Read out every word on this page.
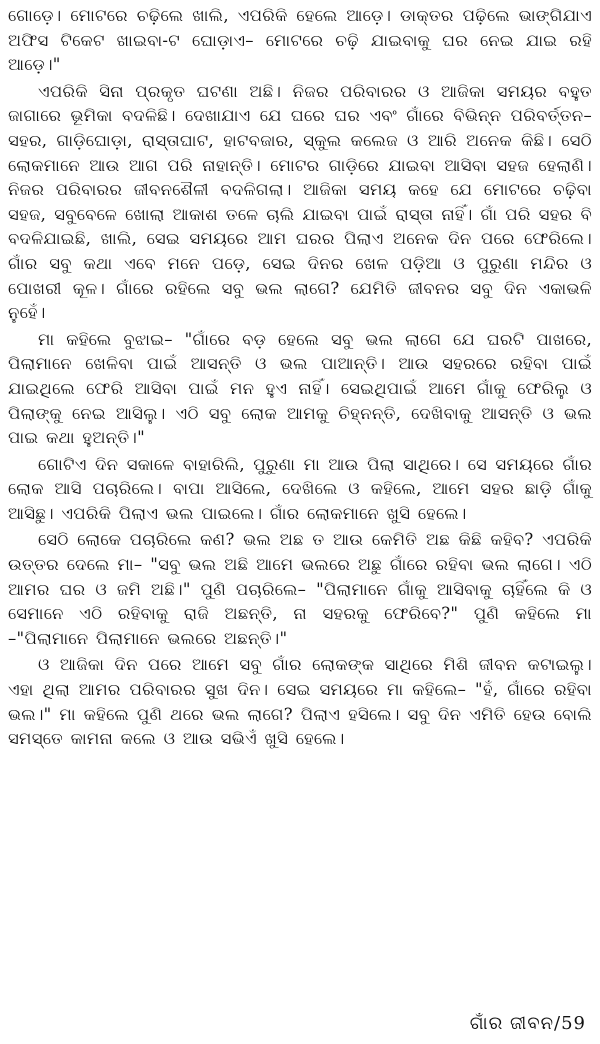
ଗୋଡ଼େ। ମୋଟରେ ଚଢ଼ିଲେ ଖାଲି, ଏପରିକି ହେଲେ ଆଡ଼େ। ଡାକ୍ତର ପଢ଼ିଲେ ଭାଙ୍ଗିଯାଏ ଅଫିସ ଟିକେଟ ଖାଇବା-ଟ ଘୋଡ଼ାଏ– ମୋଟରେ ଚଢ଼ି ଯାଇବାକୁ ଘର ନେଇ ଯାଇ ରହି ଆଡ଼େ।"

ଏପରିକି ସିନା ପ୍ରକୃତ ଘଟଣା ଅଛି। ନିଜର ପରିବାରର ଓ ଆଜିକା ସମୟର ବହୁତ ଜାଗାରେ ଭୂମିକା ବଦଳିଛି। ଦେଖାଯାଏ ଯେ ଘରେ ଘର ଏବଂ ଗାଁରେ ବିଭିନ୍ନ ପରିବର୍ତ୍ତନ– ସହର, ଗାଡ଼ିଘୋଡ଼ା, ରାସ୍ତାଘାଟ, ହାଟବଜାର, ସ୍କୁଲ କଲେଜ ଓ ଆରି ଅନେକ କିଛି। ସେଠି ଲୋକମାନେ ଆଉ ଆଗ ପରି ନାହାନ୍ତି। ମୋଟର ଗାଡ଼ିରେ ଯାଇବା ଆସିବା ସହଜ ହେଲାଣି। ନିଜର ପରିବାରର ଜୀବନଶୈଳୀ ବଦଳିଗଲା। ଆଜିକା ସମୟ କହେ ଯେ ମୋଟରେ ଚଢ଼ିବା ସହଜ, ସବୁବେଳେ ଖୋଲା ଆକାଶ ତଳେ ଚାଲି ଯାଇବା ପାଇଁ ରାସ୍ତା ନାହିଁ। ଗାଁ ପରି ସହର ବି ବଦଳିଯାଇଛି, ଖାଲି, ସେଇ ସମୟରେ ଆମ ଘରର ପିଲାଏ ଅନେକ ଦିନ ପରେ ଫେରିଲେ। ଗାଁର ସବୁ କଥା ଏବେ ମନେ ପଡ଼େ, ସେଇ ଦିନର ଖେଳ ପଡ଼ିଆ ଓ ପୁରୁଣା ମନ୍ଦିର ଓ ପୋଖରୀ କୂଳ। ଗାଁରେ ରହିଲେ ସବୁ ଭଲ ଲାଗେ? ଯେମିତି ଜୀବନର ସବୁ ଦିନ ଏକାଭଳି ନୁହେଁ।

ମା କହିଲେ ବୁଝାଇ– "ଗାଁରେ ବଡ଼ ହେଲେ ସବୁ ଭଲ ଲାଗେ ଯେ ଘରଟି ପାଖରେ, ପିଲାମାନେ ଖେଳିବା ପାଇଁ ଆସନ୍ତି ଓ ଭଲ ପାଆନ୍ତି। ଆଉ ସହରରେ ରହିବା ପାଇଁ ଯାଇଥିଲେ ଫେରି ଆସିବା ପାଇଁ ମନ ହୁଏ ନାହିଁ। ସେଇଥିପାଇଁ ଆମେ ଗାଁକୁ ଫେରିଲୁ ଓ ପିଲାଙ୍କୁ ନେଇ ଆସିଲୁ। ଏଠି ସବୁ ଲୋକ ଆମକୁ ଚିହ୍ନନ୍ତି, ଦେଖିବାକୁ ଆସନ୍ତି ଓ ଭଲ ପାଇ କଥା ହୁଅନ୍ତି।"

ଗୋଟିଏ ଦିନ ସକାଳେ ବାହାରିଲି, ପୁରୁଣା ମା ଆଉ ପିଲା ସାଥିରେ। ସେ ସମୟରେ ଗାଁର ଲୋକ ଆସି ପଚାରିଲେ। ବାପା ଆସିଲେ, ଦେଖିଲେ ଓ କହିଲେ, ଆମେ ସହର ଛାଡ଼ି ଗାଁକୁ ଆସିଛୁ। ଏପରିକି ପିଲାଏ ଭଲ ପାଇଲେ। ଗାଁର ଲୋକମାନେ ଖୁସି ହେଲେ।

ସେଠି ଲୋକେ ପଚାରିଲେ କଣ? ଭଲ ଅଛ ତ ଆଉ କେମିତି ଅଛ କିଛି କହିବ? ଏପରିକି ଉତ୍ତର ଦେଲେ ମା– "ସବୁ ଭଲ ଅଛି ଆମେ ଭଲରେ ଅଛୁ ଗାଁରେ ରହିବା ଭଲ ଲାଗେ। ଏଠି ଆମର ଘର ଓ ଜମି ଅଛି।" ପୁଣି ପଚାରିଲେ– "ପିଲାମାନେ ଗାଁକୁ ଆସିବାକୁ ଚାହିଁଲେ କି ଓ ସେମାନେ ଏଠି ରହିବାକୁ ରାଜି ଅଛନ୍ତି, ନା ସହରକୁ ଫେରିବେ?" ପୁଣି କହିଲେ ମା –"ପିଲାମାନେ ପିଲାମାନେ ଭଲରେ ଅଛନ୍ତି।"

ଓ ଆଜିକା ଦିନ ପରେ ଆମେ ସବୁ ଗାଁର ଲୋକଙ୍କ ସାଥିରେ ମିଶି ଜୀବନ କଟାଇଲୁ। ଏହା ଥିଲା ଆମର ପରିବାରର ସୁଖ ଦିନ। ସେଇ ସମୟରେ ମା କହିଲେ– "ହଁ, ଗାଁରେ ରହିବା ଭଲ।" ମା କହିଲେ ପୁଣି ଥରେ ଭଲ ଲାଗେ? ପିଲାଏ ହସିଲେ। ସବୁ ଦିନ ଏମିତି ହେଉ ବୋଲି ସମସ୍ତେ କାମନା କଲେ ଓ ଆଉ ସଭିଏଁ ଖୁସି ହେଲେ।

ଗାଁର ଜୀବନ/59
